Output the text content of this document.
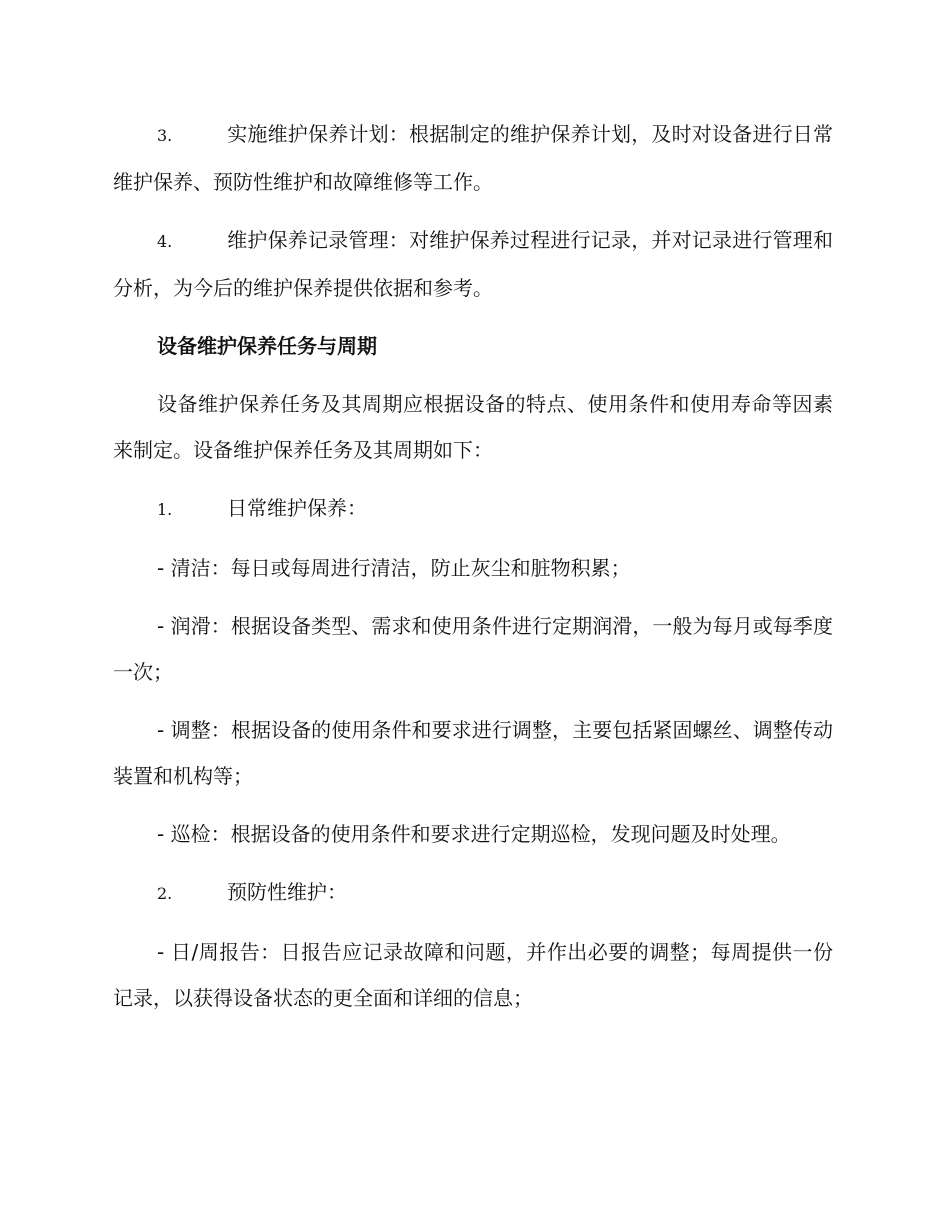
3.	实施维护保养计划：根据制定的维护保养计划，及时对设备进行日常维护保养、预防性维护和故障维修等工作。

4.	维护保养记录管理：对维护保养过程进行记录，并对记录进行管理和分析，为今后的维护保养提供依据和参考。

设备维护保养任务与周期

设备维护保养任务及其周期应根据设备的特点、使用条件和使用寿命等因素来制定。设备维护保养任务及其周期如下：

1.	日常维护保养：

- 清洁：每日或每周进行清洁，防止灰尘和脏物积累；

- 润滑：根据设备类型、需求和使用条件进行定期润滑，一般为每月或每季度一次；

- 调整：根据设备的使用条件和要求进行调整，主要包括紧固螺丝、调整传动装置和机构等；

- 巡检：根据设备的使用条件和要求进行定期巡检，发现问题及时处理。

2.	预防性维护：

- 日/周报告：日报告应记录故障和问题，并作出必要的调整；每周提供一份记录，以获得设备状态的更全面和详细的信息；
